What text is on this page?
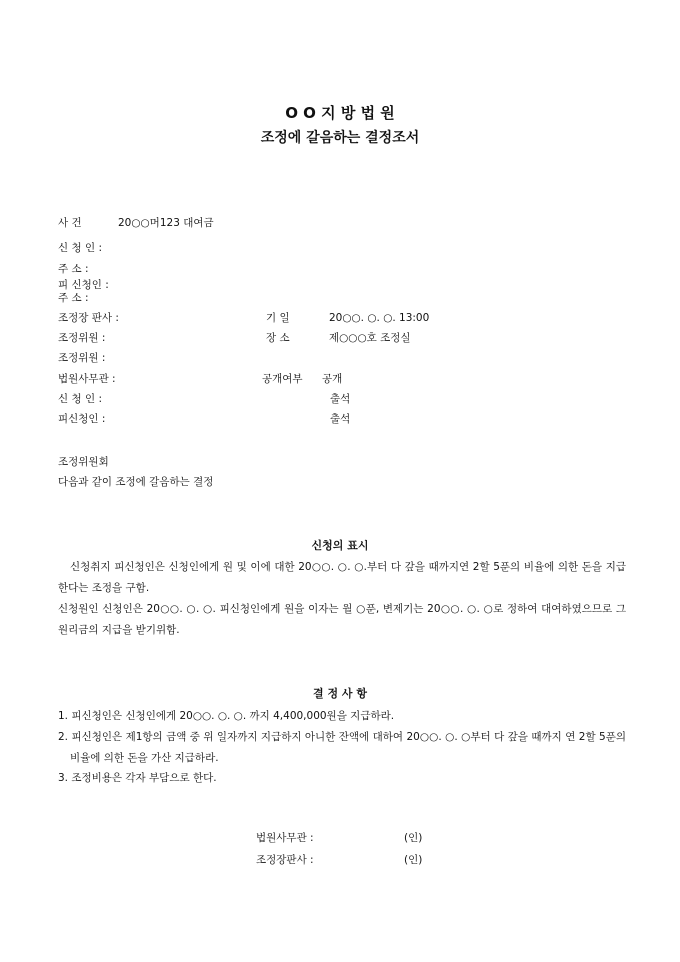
O O 지 방 법 원
조정에 갈음하는 결정조서
사 건	20○○머123 대여금
신 청 인 :
주 소 :
피 신청인 :
주 소 :
조정장 판사 :	기 일	20○○. ○. ○. 13:00
조정위원 :	장 소	제○○○호 조정실
조정위원 :
법원사무관 :	공개여부 공개
신 청 인 :	출석
피신청인 :	출석
조정위원회
다음과 같이 조정에 갈음하는 결정
신청의 표시
신청취지 피신청인은 신청인에게 원 및 이에 대한 20○○. ○. ○.부터 다 갚을 때까지연 2할 5푼의 비율에 의한 돈을 지급한다는 조정을 구함.
신청원인 신청인은 20○○. ○. ○. 피신청인에게 원을 이자는 월 ○푼, 변제기는 20○○. ○. ○로 정하여 대여하였으므로 그 원리금의 지급을 받기위함.
결 정 사 항
1. 피신청인은 신청인에게 20○○. ○. ○. 까지 4,400,000원을 지급하라.
2. 피신청인은 제1항의 금액 중 위 일자까지 지급하지 아니한 잔액에 대하여 20○○. ○. ○부터 다 갚을 때까지 연 2할 5푼의 비율에 의한 돈을 가산 지급하라.
3. 조정비용은 각자 부담으로 한다.
법원사무관 :	(인)
조정장판사 :	(인)
